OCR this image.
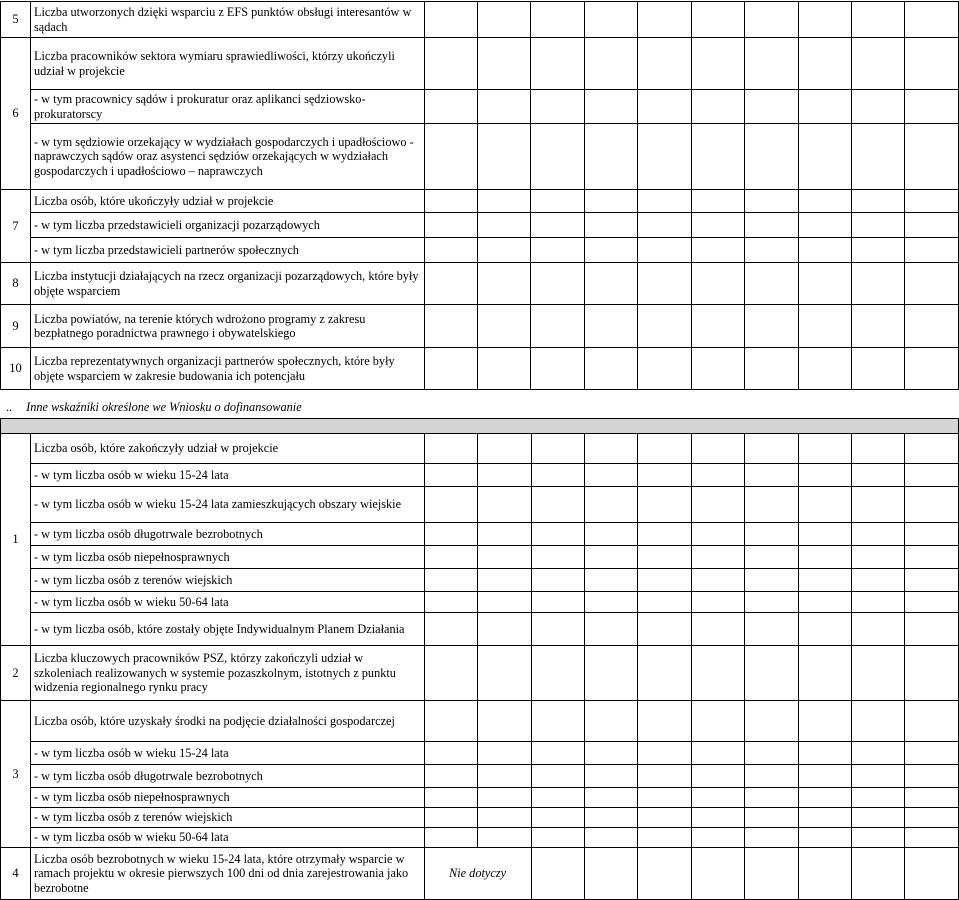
5	Liczba utworzonych dzięki wsparciu z EFS punktów obsługi interesantów w sądach										
6	Liczba pracowników sektora wymiaru sprawiedliwości, którzy ukończyli udział w projekcie										
	- w tym pracownicy sądów i prokuratur oraz aplikanci sędziowsko-prokuratorscy										
	- w tym sędziowie orzekający w wydziałach gospodarczych i upadłościowo - naprawczych sądów oraz asystenci sędziów orzekających w wydziałach gospodarczych i upadłościowo – naprawczych										
7	Liczba osób, które ukończyły udział w projekcie										
	- w tym liczba przedstawicieli organizacji pozarządowych										
	- w tym liczba przedstawicieli partnerów społecznych										
8	Liczba instytucji działających na rzecz organizacji pozarządowych, które były objęte wsparciem										
9	Liczba powiatów, na terenie których wdrożono programy z zakresu bezpłatnego poradnictwa prawnego i obywatelskiego										
10	Liczba reprezentatywnych organizacji partnerów społecznych, które były objęte wsparciem w zakresie budowania ich potencjału										
.. Inne wskaźniki określone we Wniosku o dofinansowanie

1	Liczba osób, które zakończyły udział w projekcie										
	- w tym liczba osób w wieku 15-24 lata										
	- w tym liczba osób w wieku 15-24 lata zamieszkujących obszary wiejskie										
	- w tym liczba osób długotrwale bezrobotnych										
	- w tym liczba osób niepełnosprawnych										
	- w tym liczba osób z terenów wiejskich										
	- w tym liczba osób w wieku 50-64 lata										
	- w tym liczba osób, które zostały objęte Indywidualnym Planem Działania										
2	Liczba kluczowych pracowników PSZ, którzy zakończyli udział w szkoleniach realizowanych w systemie pozaszkolnym, istotnych z punktu widzenia regionalnego rynku pracy										
3	Liczba osób, które uzyskały środki na podjęcie działalności gospodarczej										
	- w tym liczba osób w wieku 15-24 lata										
	- w tym liczba osób długotrwale bezrobotnych										
	- w tym liczba osób niepełnosprawnych										
	- w tym liczba osób z terenów wiejskich										
	- w tym liczba osób w wieku 50-64 lata										
4	Liczba osób bezrobotnych w wieku 15-24 lata, które otrzymały wsparcie w ramach projektu w okresie pierwszych 100 dni od dnia zarejestrowania jako bezrobotne	Nie dotyczy									
